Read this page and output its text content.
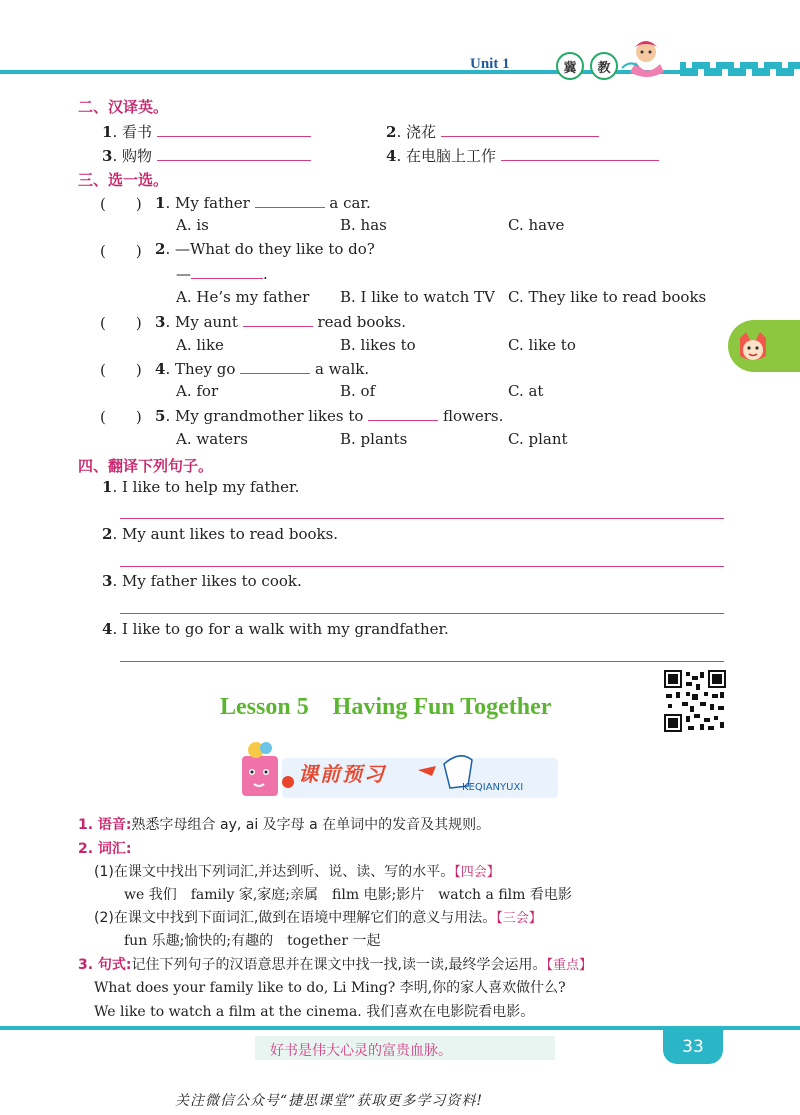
Unit 1	冀	教
二、汉译英。
1. 看书	2. 浇花
3. 购物	4. 在电脑上工作
三、选一选。
(　　) 1. My father	a car.
A. is	B. has	C. have
(　　) 2. —What do they like to do?
—	.
A. He’s my father B. I like to watch TV C. They like to read books
(　　) 3. My aunt	read books.
A. like	B. likes to	C. like to
(　　) 4. They go	a walk.
A. for	B. of	C. at
(　　) 5. My grandmother likes to	flowers.
A. waters	B. plants	C. plant
四、翻译下列句子。
1. I like to help my father.
2. My aunt likes to read books.
3. My father likes to cook.
4. I like to go for a walk with my grandfather.
Lesson 5　Having Fun Together
课前预习
KEQIANYUXI
1. 语音:熟悉字母组合 ay, ai 及字母 a 在单词中的发音及其规则。
2. 词汇:
(1)在课文中找出下列词汇,并达到听、说、读、写的水平。【四会】
we 我们　family 家,家庭;亲属　film 电影;影片　watch a film 看电影
(2)在课文中找到下面词汇,做到在语境中理解它们的意义与用法。【三会】
fun 乐趣;愉快的;有趣的　together 一起
3. 句式:记住下列句子的汉语意思并在课文中找一找,读一读,最终学会运用。【重点】
What does your family like to do, Li Ming? 李明,你的家人喜欢做什么?
We like to watch a film at the cinema. 我们喜欢在电影院看电影。
好书是伟大心灵的富贵血脉。	33
关注微信公众号“捷思课堂”获取更多学习资料!
